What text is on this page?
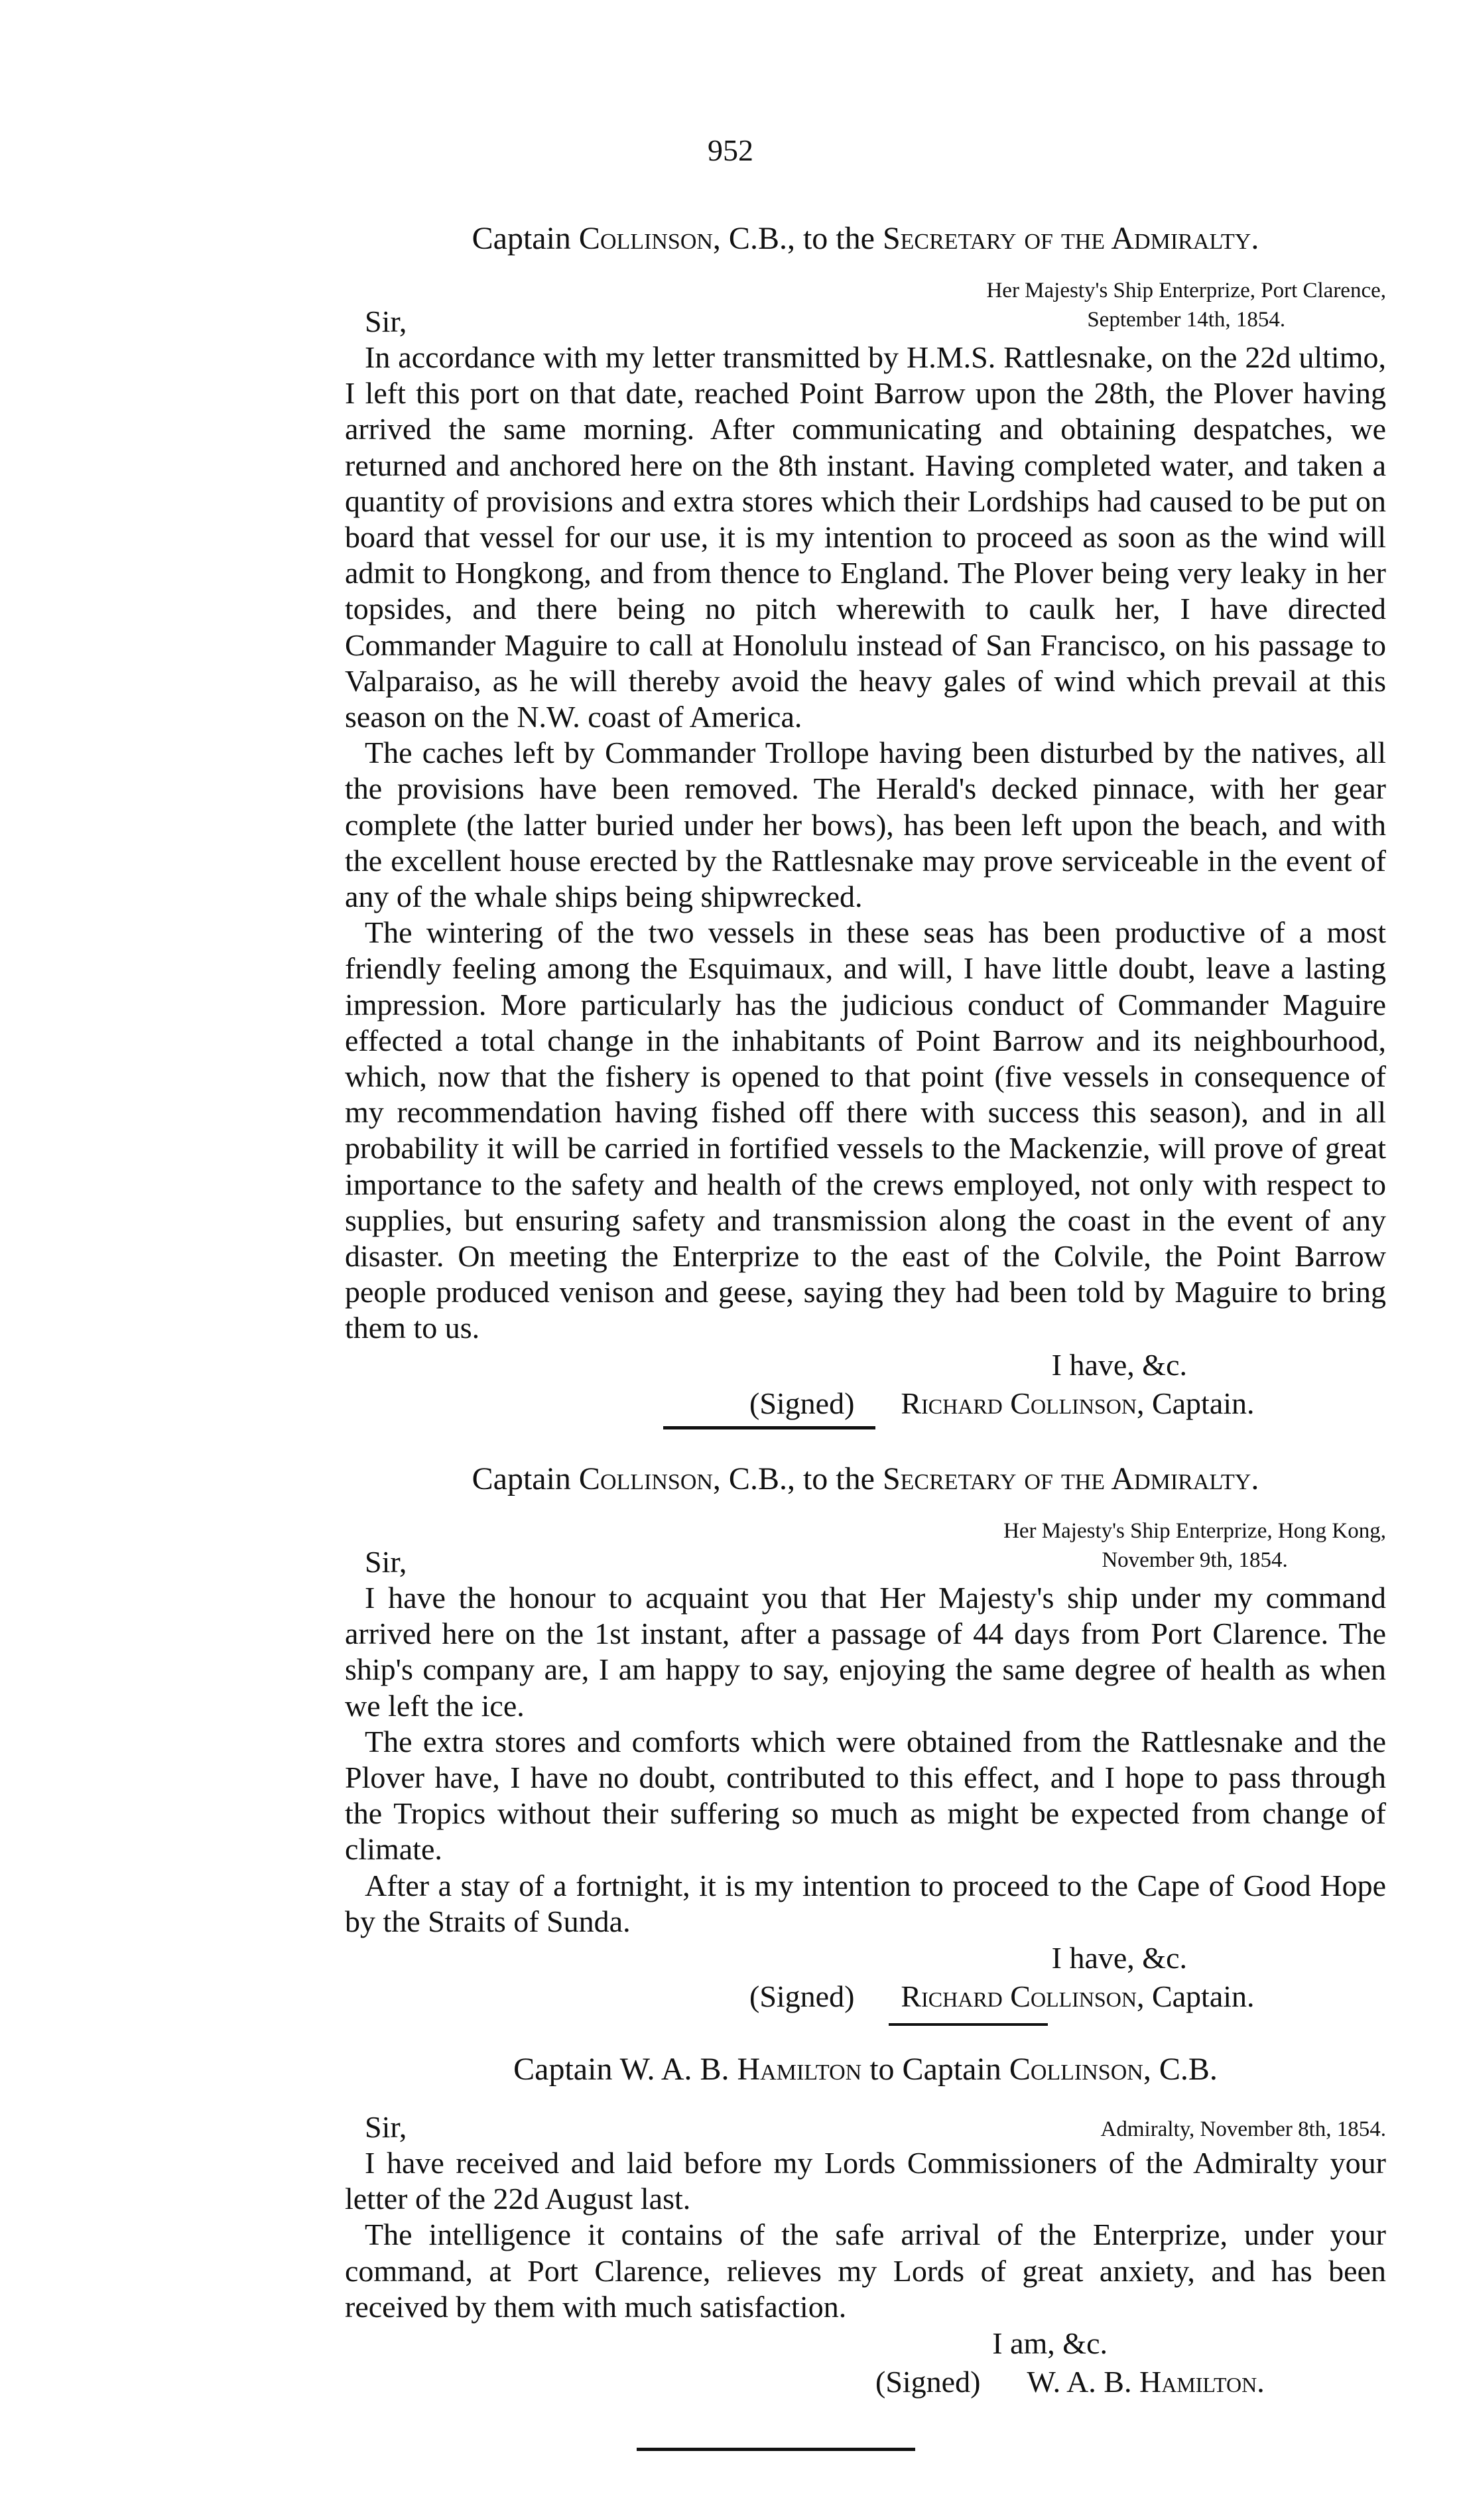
952

Captain Collinson, C.B., to the Secretary of the Admiralty.

Her Majesty's Ship Enterprize, Port Clarence,
September 14th, 1854.
Sir,

In accordance with my letter transmitted by H.M.S. Rattlesnake, on the 22d ultimo, I left this port on that date, reached Point Barrow upon the 28th, the Plover having arrived the same morning. After communicating and obtaining despatches, we returned and anchored here on the 8th instant. Having completed water, and taken a quantity of provisions and extra stores which their Lordships had caused to be put on board that vessel for our use, it is my intention to proceed as soon as the wind will admit to Hongkong, and from thence to England. The Plover being very leaky in her topsides, and there being no pitch wherewith to caulk her, I have directed Commander Maguire to call at Honolulu instead of San Francisco, on his passage to Valparaiso, as he will thereby avoid the heavy gales of wind which prevail at this season on the N.W. coast of America.

The caches left by Commander Trollope having been disturbed by the natives, all the provisions have been removed. The Herald's decked pinnace, with her gear complete (the latter buried under her bows), has been left upon the beach, and with the excellent house erected by the Rattlesnake may prove serviceable in the event of any of the whale ships being shipwrecked.

The wintering of the two vessels in these seas has been productive of a most friendly feeling among the Esquimaux, and will, I have little doubt, leave a lasting impression. More particularly has the judicious conduct of Commander Maguire effected a total change in the inhabitants of Point Barrow and its neighbourhood, which, now that the fishery is opened to that point (five vessels in consequence of my recommendation having fished off there with success this season), and in all probability it will be carried in fortified vessels to the Mackenzie, will prove of great importance to the safety and health of the crews employed, not only with respect to supplies, but ensuring safety and transmission along the coast in the event of any disaster. On meeting the Enterprize to the east of the Colvile, the Point Barrow people produced venison and geese, saying they had been told by Maguire to bring them to us.

I have, &c.
(Signed) Richard Collinson, Captain.

Captain Collinson, C.B., to the Secretary of the Admiralty.

Her Majesty's Ship Enterprize, Hong Kong,
November 9th, 1854.
Sir,

I have the honour to acquaint you that Her Majesty's ship under my command arrived here on the 1st instant, after a passage of 44 days from Port Clarence. The ship's company are, I am happy to say, enjoying the same degree of health as when we left the ice.

The extra stores and comforts which were obtained from the Rattlesnake and the Plover have, I have no doubt, contributed to this effect, and I hope to pass through the Tropics without their suffering so much as might be expected from change of climate.

After a stay of a fortnight, it is my intention to proceed to the Cape of Good Hope by the Straits of Sunda.

I have, &c.
(Signed) Richard Collinson, Captain.

Captain W. A. B. Hamilton to Captain Collinson, C.B.

Admiralty, November 8th, 1854.
Sir,

I have received and laid before my Lords Commissioners of the Admiralty your letter of the 22d August last.

The intelligence it contains of the safe arrival of the Enterprize, under your command, at Port Clarence, relieves my Lords of great anxiety, and has been received by them with much satisfaction.

I am, &c.
(Signed) W. A. B. Hamilton.
